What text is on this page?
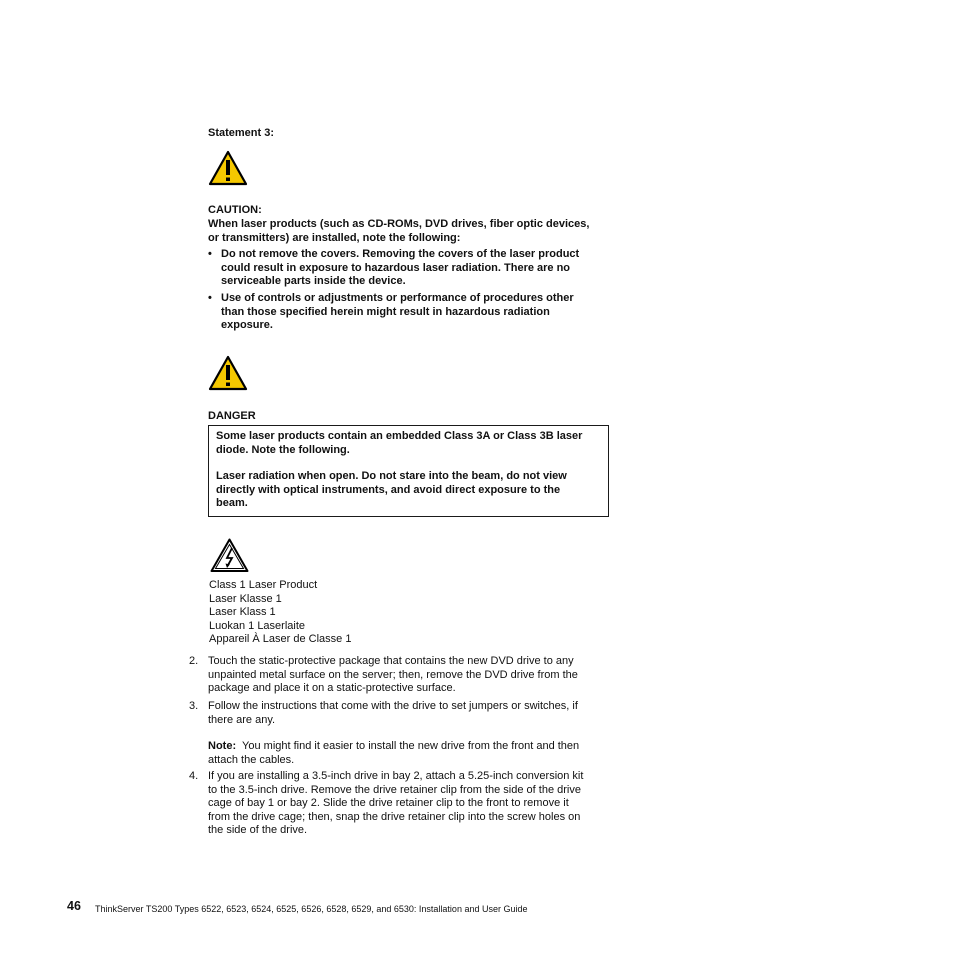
Statement 3:
CAUTION:
When laser products (such as CD-ROMs, DVD drives, fiber optic devices,
or transmitters) are installed, note the following:
• Do not remove the covers. Removing the covers of the laser product
could result in exposure to hazardous laser radiation. There are no
serviceable parts inside the device.
• Use of controls or adjustments or performance of procedures other
than those specified herein might result in hazardous radiation
exposure.
DANGER
Some laser products contain an embedded Class 3A or Class 3B laser
diode. Note the following.
Laser radiation when open. Do not stare into the beam, do not view
directly with optical instruments, and avoid direct exposure to the
beam.
Class 1 Laser Product
Laser Klasse 1
Laser Klass 1
Luokan 1 Laserlaite
Appareil À Laser de Classe 1
2. Touch the static-protective package that contains the new DVD drive to any
unpainted metal surface on the server; then, remove the DVD drive from the
package and place it on a static-protective surface.
3. Follow the instructions that come with the drive to set jumpers or switches, if
there are any.
Note: You might find it easier to install the new drive from the front and then
attach the cables.
4. If you are installing a 3.5-inch drive in bay 2, attach a 5.25-inch conversion kit
to the 3.5-inch drive. Remove the drive retainer clip from the side of the drive
cage of bay 1 or bay 2. Slide the drive retainer clip to the front to remove it
from the drive cage; then, snap the drive retainer clip into the screw holes on
the side of the drive.
46 ThinkServer TS200 Types 6522, 6523, 6524, 6525, 6526, 6528, 6529, and 6530: Installation and User Guide
